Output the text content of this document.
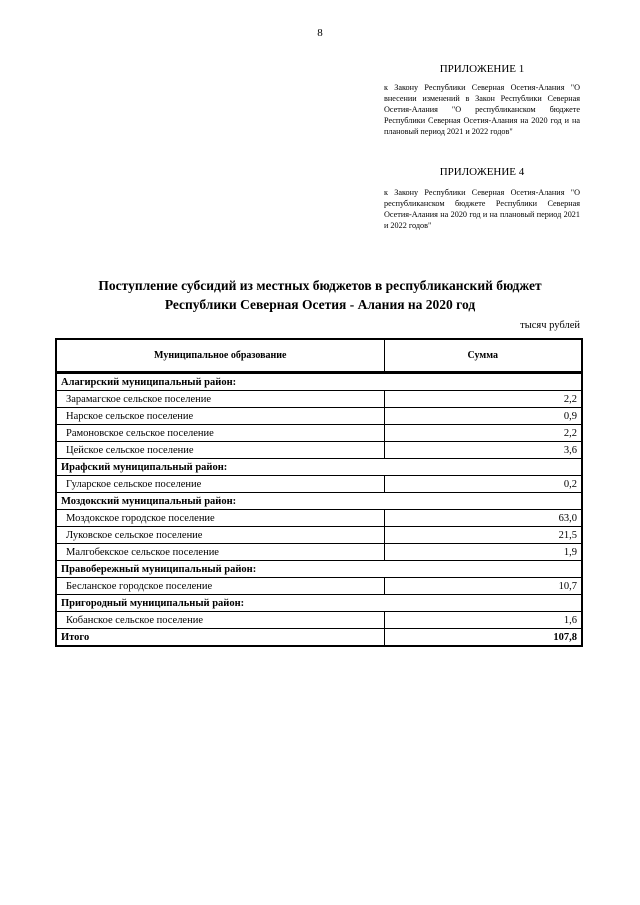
8
ПРИЛОЖЕНИЕ 1
к Закону Республики Северная Осетия-Алания "О внесении изменений в Закон Республики Северная Осетия-Алания "О республиканском бюджете Республики Северная Осетия-Алания на 2020 год и на плановый период 2021 и 2022 годов"
ПРИЛОЖЕНИЕ 4
к Закону Республики Северная Осетия-Алания "О республиканском бюджете Республики Северная Осетия-Алания на 2020 год и на плановый период 2021 и 2022 годов"
Поступление субсидий из местных бюджетов в республиканский бюджет
Республики Северная Осетия - Алания на 2020 год
тысяч рублей
Муниципальное образование	Сумма
Алагирский муниципальный район:	
Зарамагское сельское поселение	2,2
Нарское сельское поселение	0,9
Рамоновское сельское поселение	2,2
Цейское сельское поселение	3,6
Ирафский муниципальный район:	
Гуларское сельское поселение	0,2
Моздокский муниципальный район:	
Моздокское городское поселение	63,0
Луковское сельское поселение	21,5
Малгобекское сельское поселение	1,9
Правобережный муниципальный район:	
Бесланское городское поселение	10,7
Пригородный муниципальный район:	
Кобанское сельское поселение	1,6
Итого	107,8
